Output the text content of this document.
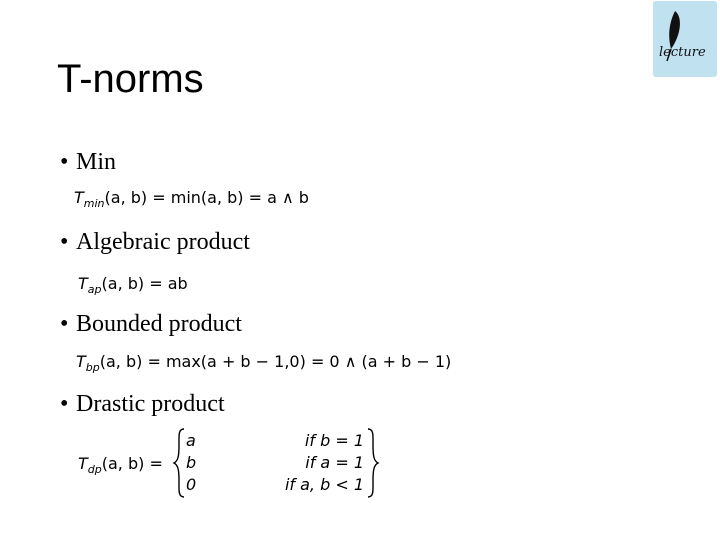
T-norms
lecture
• Min
$T_{min}(a$, b) = min(a, b) = a ∧ b
• Algebraic product
$T_{ap}(a$, b) = ab
• Bounded product
$T_{bp}(a$, b) = max(a + b − 1,0) = 0 ∧ (a + b − 1)
• Drastic product
$T_{dp}(a$, b) =
a	if b = 1
b	if a = 1
0	if a, b < 1
